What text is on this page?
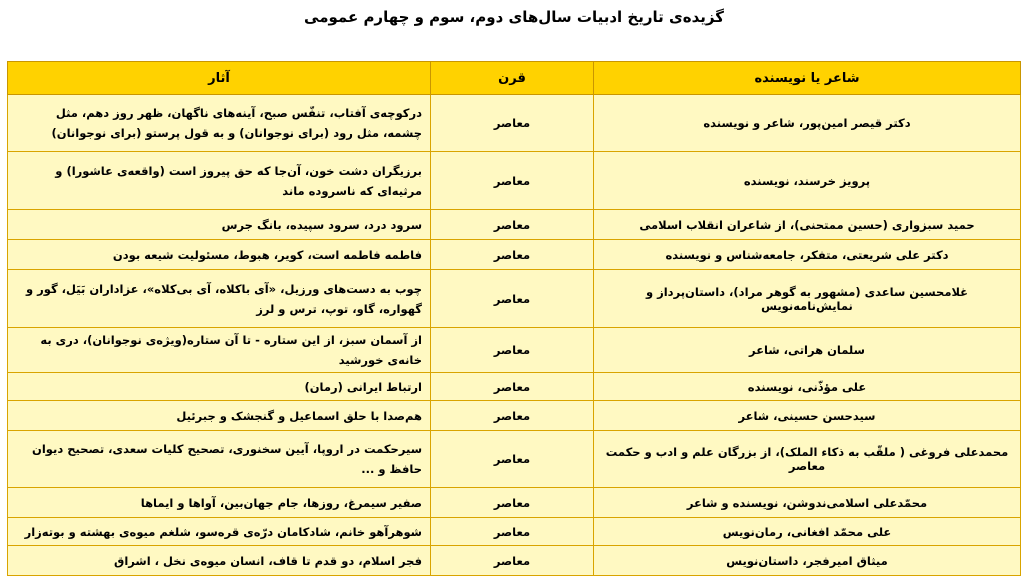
گزیده‌ی تاریخ ادبیات سال‌های دوم، سوم و چهارم عمومی
شاعر یا نویسنده	قرن	آثار
دکتر قیصر امین‌پور، شاعر و نویسنده	معاصر	درکوچه‌ی آفتاب، تنفّس صبح، آینه‌های ناگهان، ظهر روز دهم، مثل چشمه، مثل رود (برای نوجوانان) و به قول پرستو (برای نوجوانان)
پرویز خرسند، نویسنده	معاصر	برزیگران دشت خون، آن‌جا که حق پیروز است (واقعه‌ی عاشورا) و مرثیه‌ای که ناسروده ماند
حمید سبزواری (حسین ممتحنی)، از شاعران انقلاب اسلامی	معاصر	سرود درد، سرود سپیده، بانگ جرس
دکتر علی شریعتی، متفکر، جامعه‌شناس و نویسنده	معاصر	فاطمه فاطمه است، کویر، هبوط، مسئولیت شیعه بودن
غلامحسین ساعدی (مشهور به گوهر مراد)، داستان‌پرداز و نمایش‌نامه‌نویس	معاصر	چوب به دست‌های ورزیل، «آی باکلاه، آی بی‌کلاه»، عزاداران بَیَل، گور و گهواره، گاو، توپ، ترس و لرز
سلمان هراتی، شاعر	معاصر	از آسمان سبز، از این ستاره - تا آن ستاره(ویژه‌ی نوجوانان)، دری به خانه‌ی خورشید
علی مؤذّنی، نویسنده	معاصر	ارتباط ایرانی (رمان)
سیدحسن حسینی، شاعر	معاصر	هم‌صدا با حلق اسماعیل و گنجشک و جبرئیل
محمدعلی فروغی ( ملقّب به ذکاء الملک)، از بزرگان علم و ادب و حکمت معاصر	معاصر	سیرحکمت در اروپا، آیین سخنوری، تصحیح کلیات سعدی، تصحیح دیوان حافظ و ...
محمّدعلی اسلامی‌ندوشن، نویسنده و شاعر	معاصر	صفیر سیمرغ، روزها، جام جهان‌بین، آواها و ایماها
علی محمّد افغانی، رمان‌نویس	معاصر	شوهرآهو خانم، شادکامان درّه‌ی قره‌سو، شلغم میوه‌ی بهشته و بوته‌زار
میثاق امیرفجر، داستان‌نویس	معاصر	فجر اسلام، دو قدم تا قاف، انسان میوه‌ی نخل ، اشراق
